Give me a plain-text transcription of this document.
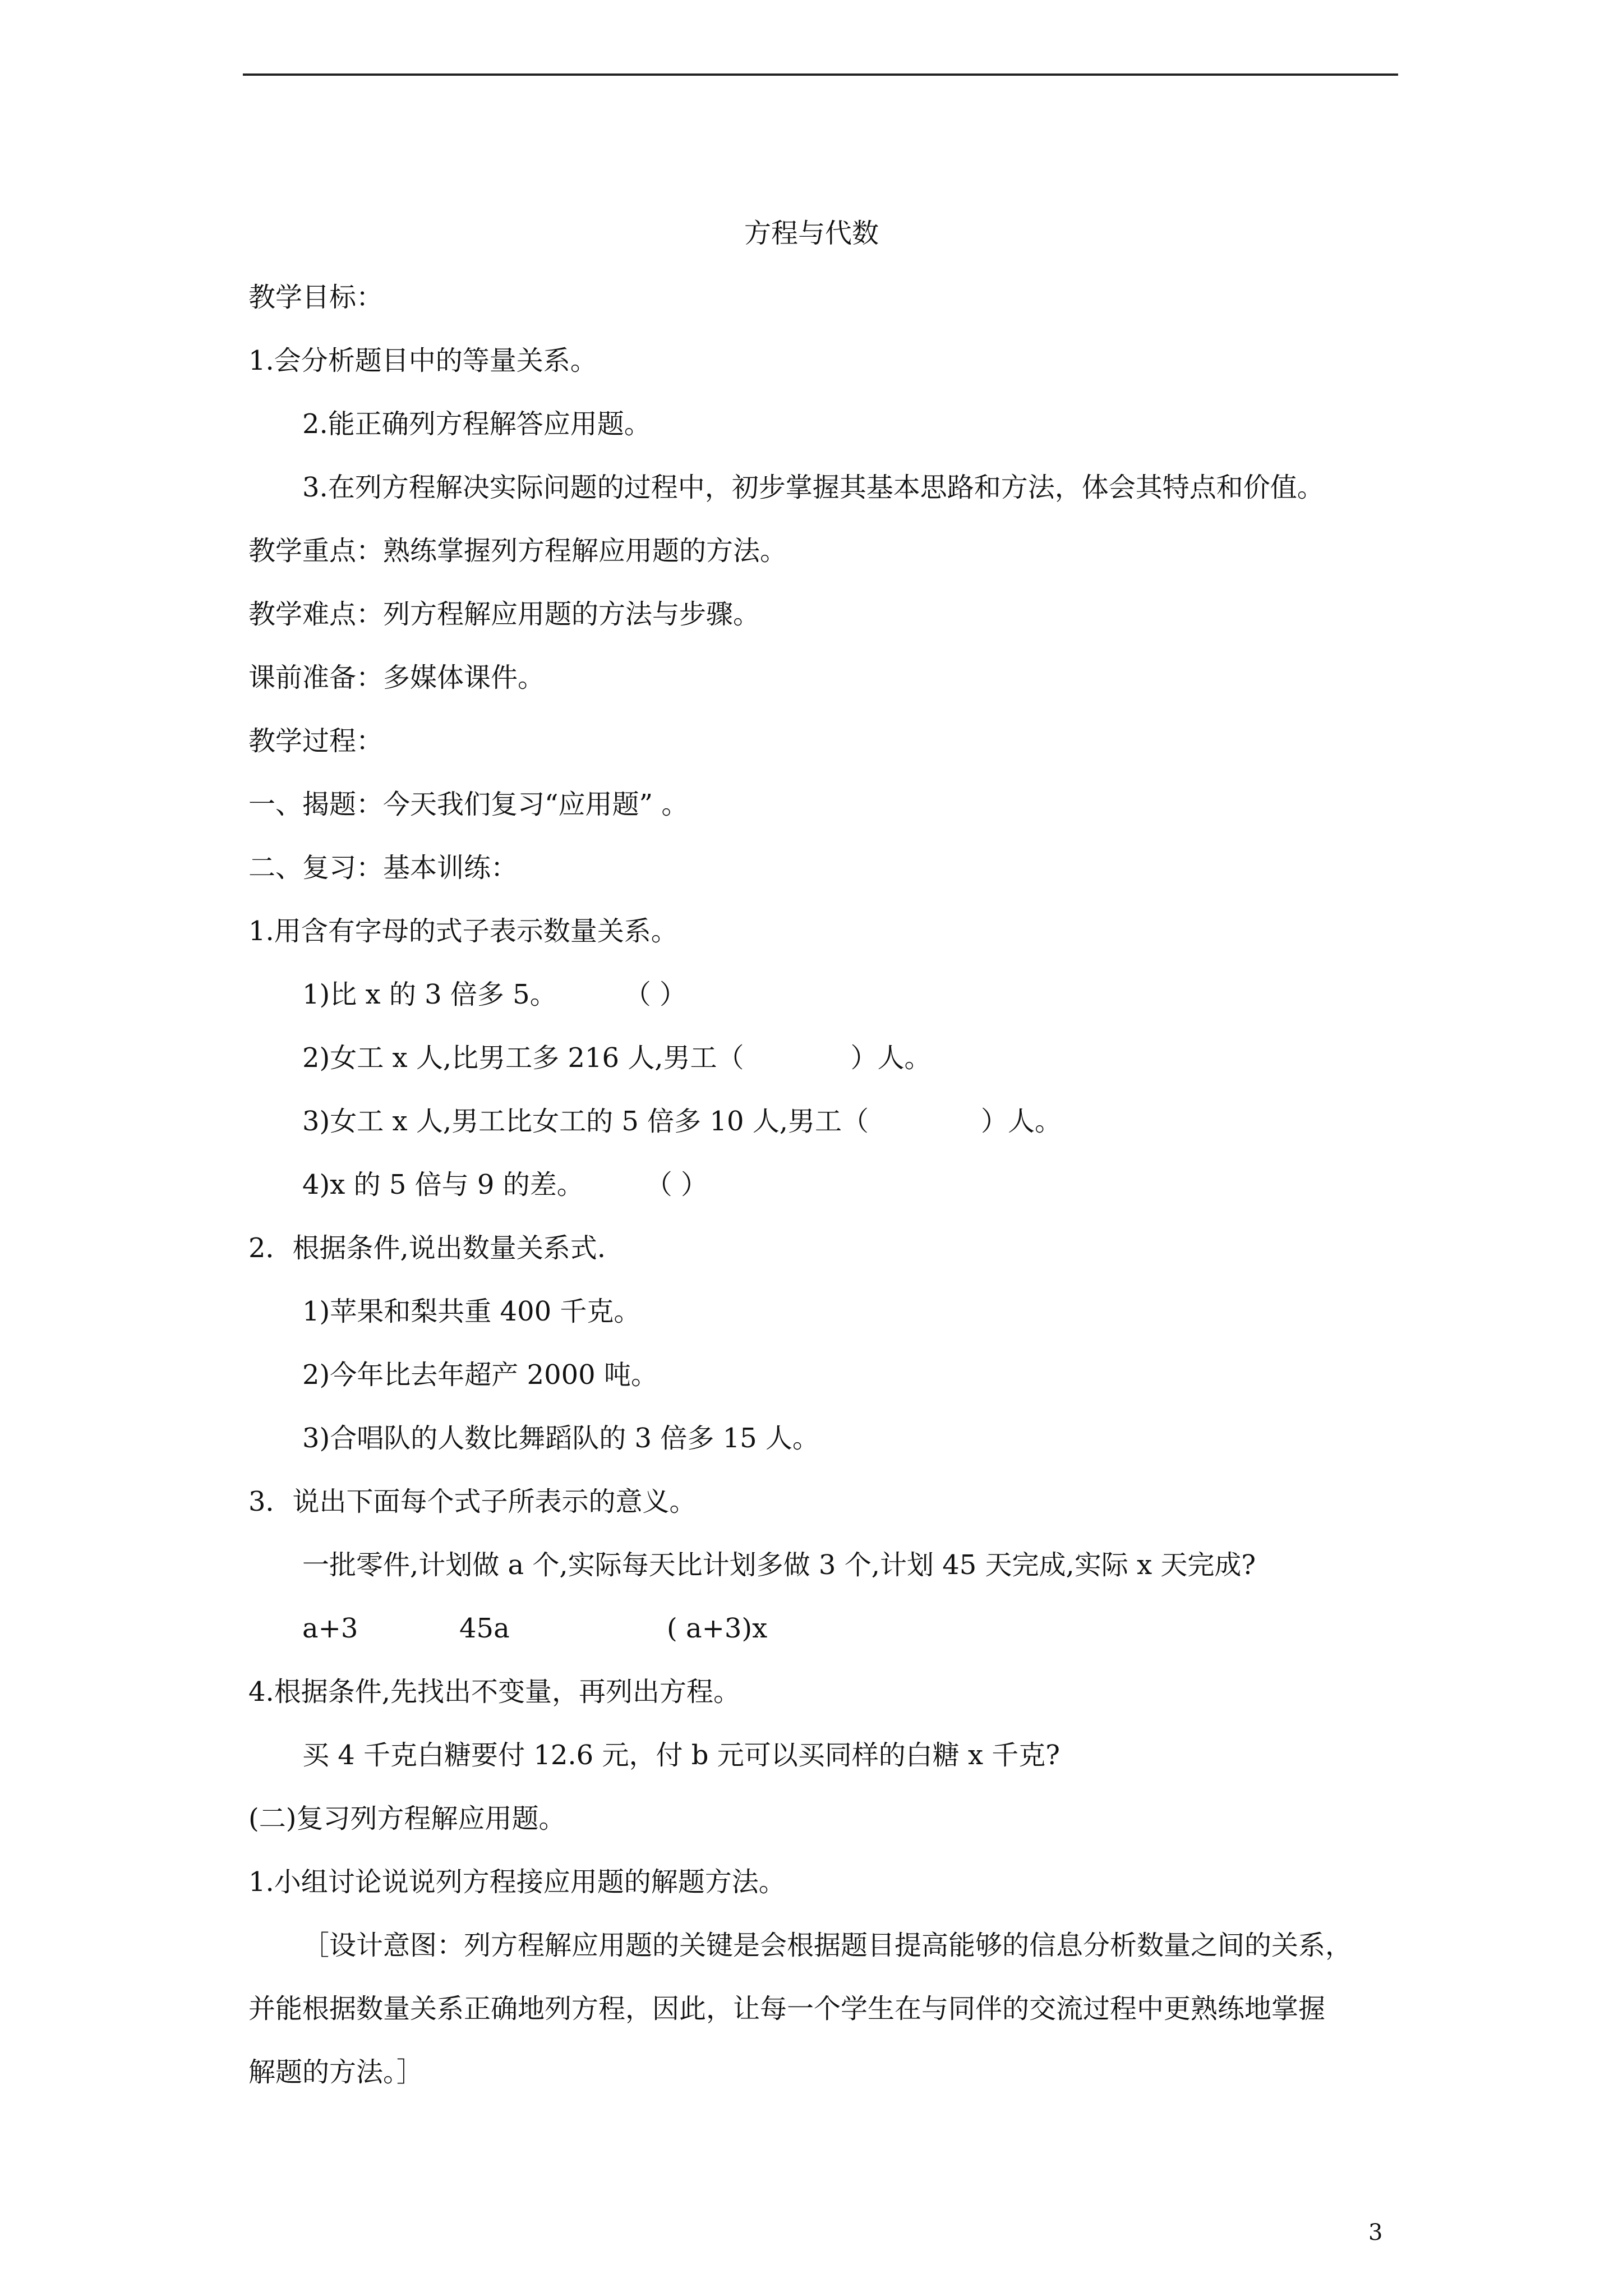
方程与代数
教学目标：
1.会分析题目中的等量关系。
2.能正确列方程解答应用题。
3.在列方程解决实际问题的过程中，初步掌握其基本思路和方法，体会其特点和价值。
教学重点：熟练掌握列方程解应用题的方法。
教学难点：列方程解应用题的方法与步骤。
课前准备：多媒体课件。
教学过程：
一、揭题：今天我们复习“应用题” 。
二、复习：基本训练：
1.用含有字母的式子表示数量关系。
1)比 x 的 3 倍多 5。	（ ）
2)女工 x 人,比男工多 216 人,男工（	）人。
3)女工 x 人,男工比女工的 5 倍多 10 人,男工（	）人。
4)x 的 5 倍与 9 的差。 （ ）
2．根据条件,说出数量关系式.
1)苹果和梨共重 400 千克。
2)今年比去年超产 2000 吨。
3)合唱队的人数比舞蹈队的 3 倍多 15 人。
3．说出下面每个式子所表示的意义。
一批零件,计划做 a 个,实际每天比计划多做 3 个,计划 45 天完成,实际 x 天完成?
a+3	45a	( a+3)x
4.根据条件,先找出不变量，再列出方程。
买 4 千克白糖要付 12.6 元，付 b 元可以买同样的白糖 x 千克?
(二)复习列方程解应用题。
1.小组讨论说说列方程接应用题的解题方法。
［设计意图：列方程解应用题的关键是会根据题目提高能够的信息分析数量之间的关系，
并能根据数量关系正确地列方程，因此，让每一个学生在与同伴的交流过程中更熟练地掌握
解题的方法。］
3
